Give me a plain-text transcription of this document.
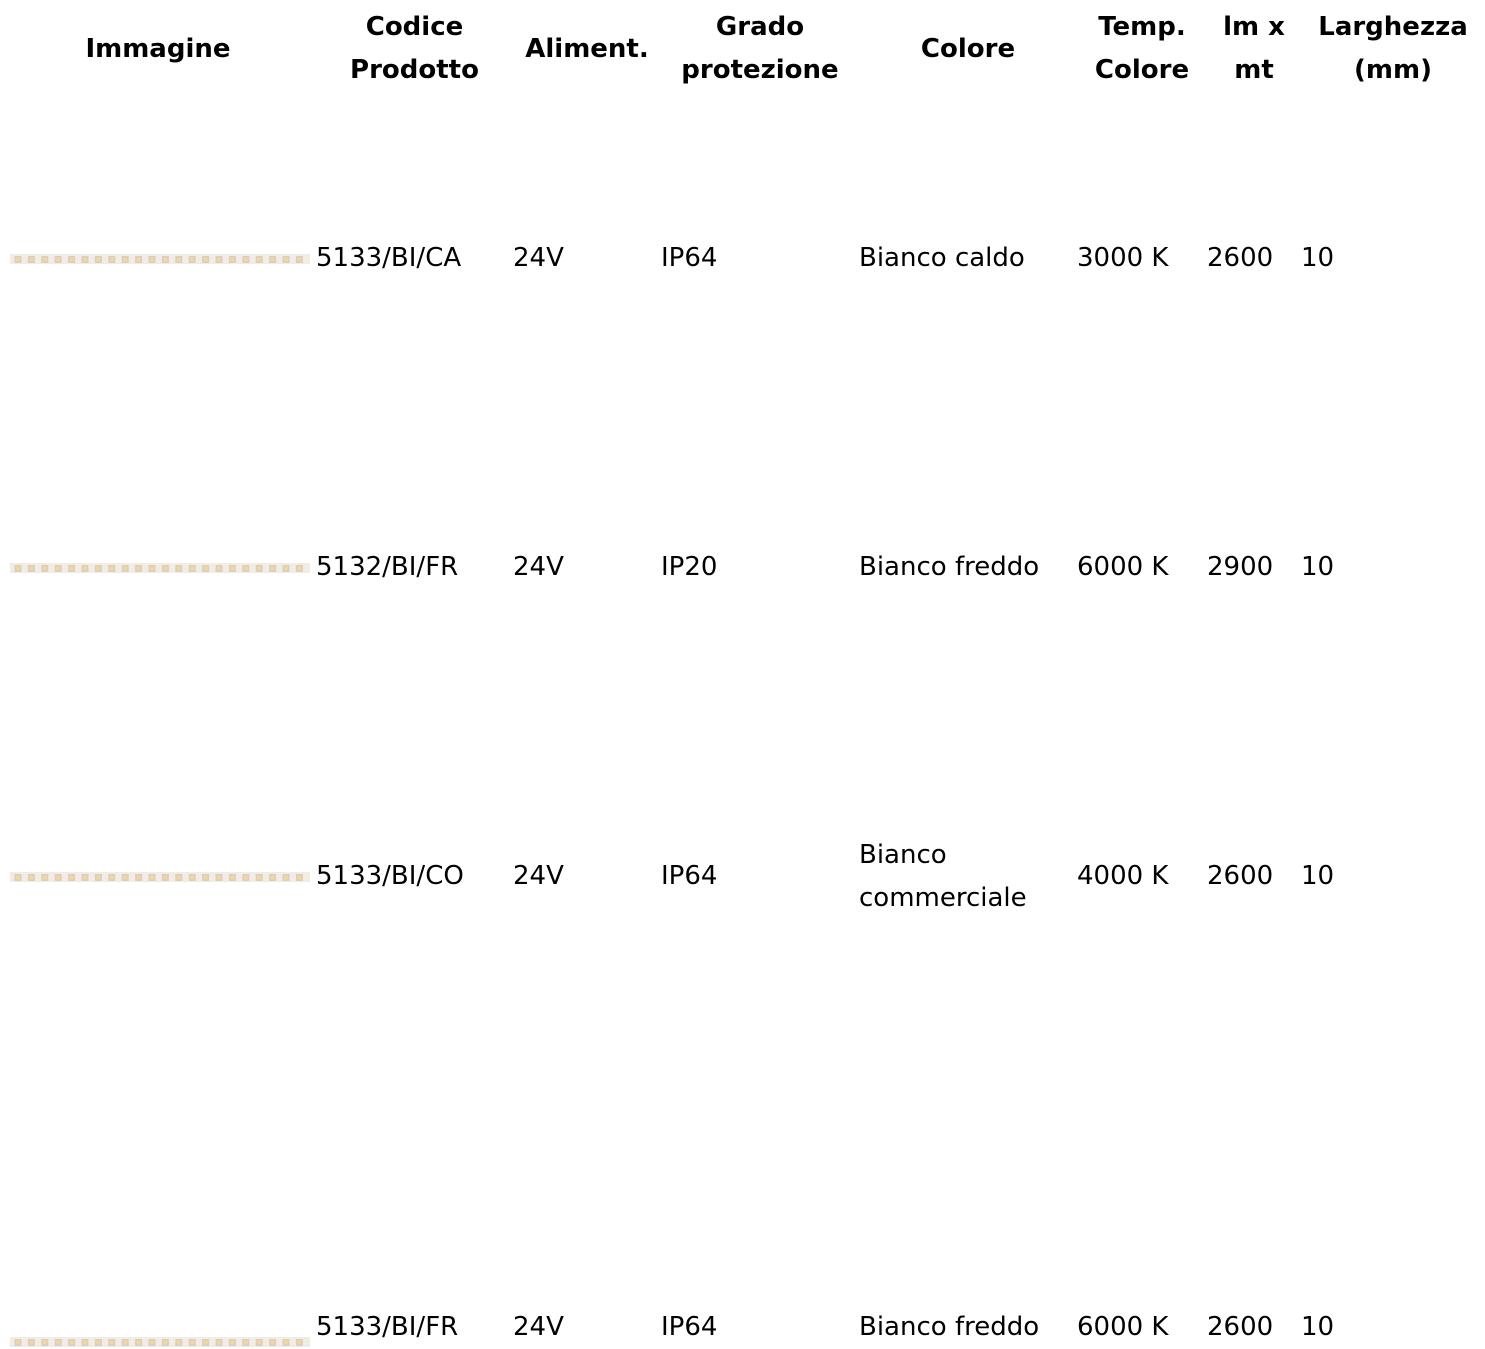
Immagine	Codice Prodotto	Aliment.	Grado protezione	Colore	Temp. Colore	lm x mt	Larghezza (mm)

	5133/BI/CA	24V	IP64	Bianco caldo	3000 K	2600	10

	5132/BI/FR	24V	IP20	Bianco freddo	6000 K	2900	10

	5133/BI/CO	24V	IP64	Bianco commerciale	4000 K	2600	10

	5133/BI/FR	24V	IP64	Bianco freddo	6000 K	2600	10
